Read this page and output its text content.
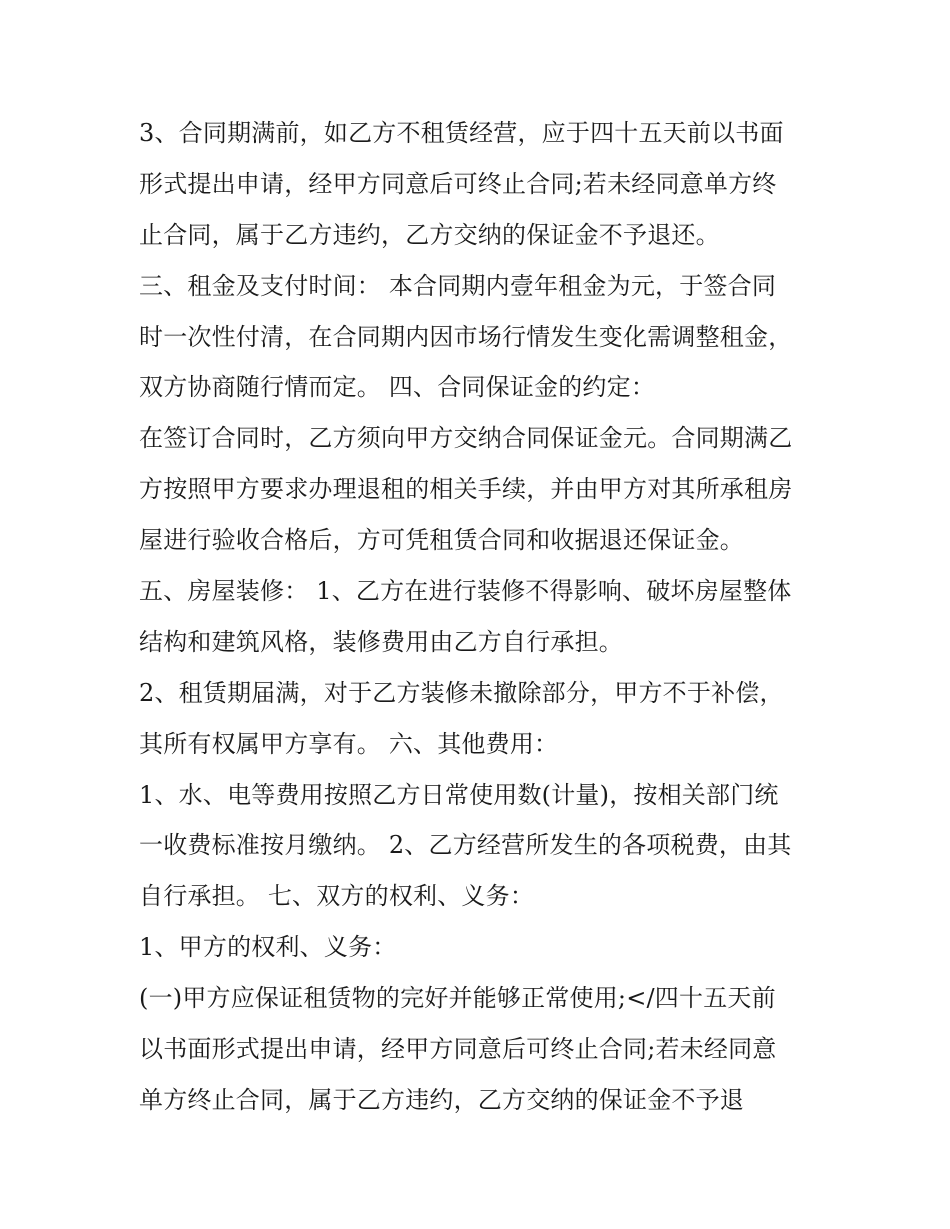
3、合同期满前，如乙方不租赁经营，应于四十五天前以书面
形式提出申请，经甲方同意后可终止合同;若未经同意单方终
止合同，属于乙方违约，乙方交纳的保证金不予退还。
三、租金及支付时间： 本合同期内壹年租金为元，于签合同
时一次性付清，在合同期内因市场行情发生变化需调整租金，
双方协商随行情而定。 四、合同保证金的约定：
在签订合同时，乙方须向甲方交纳合同保证金元。合同期满乙
方按照甲方要求办理退租的相关手续，并由甲方对其所承租房
屋进行验收合格后，方可凭租赁合同和收据退还保证金。
五、房屋装修： 1、乙方在进行装修不得影响、破坏房屋整体
结构和建筑风格，装修费用由乙方自行承担。
2、租赁期届满，对于乙方装修未撤除部分，甲方不于补偿，
其所有权属甲方享有。 六、其他费用：
1、水、电等费用按照乙方日常使用数(计量)，按相关部门统
一收费标准按月缴纳。 2、乙方经营所发生的各项税费，由其
自行承担。 七、双方的权利、义务：
1、甲方的权利、义务：
(一)甲方应保证租赁物的完好并能够正常使用;</四十五天前
以书面形式提出申请，经甲方同意后可终止合同;若未经同意
单方终止合同，属于乙方违约，乙方交纳的保证金不予退
